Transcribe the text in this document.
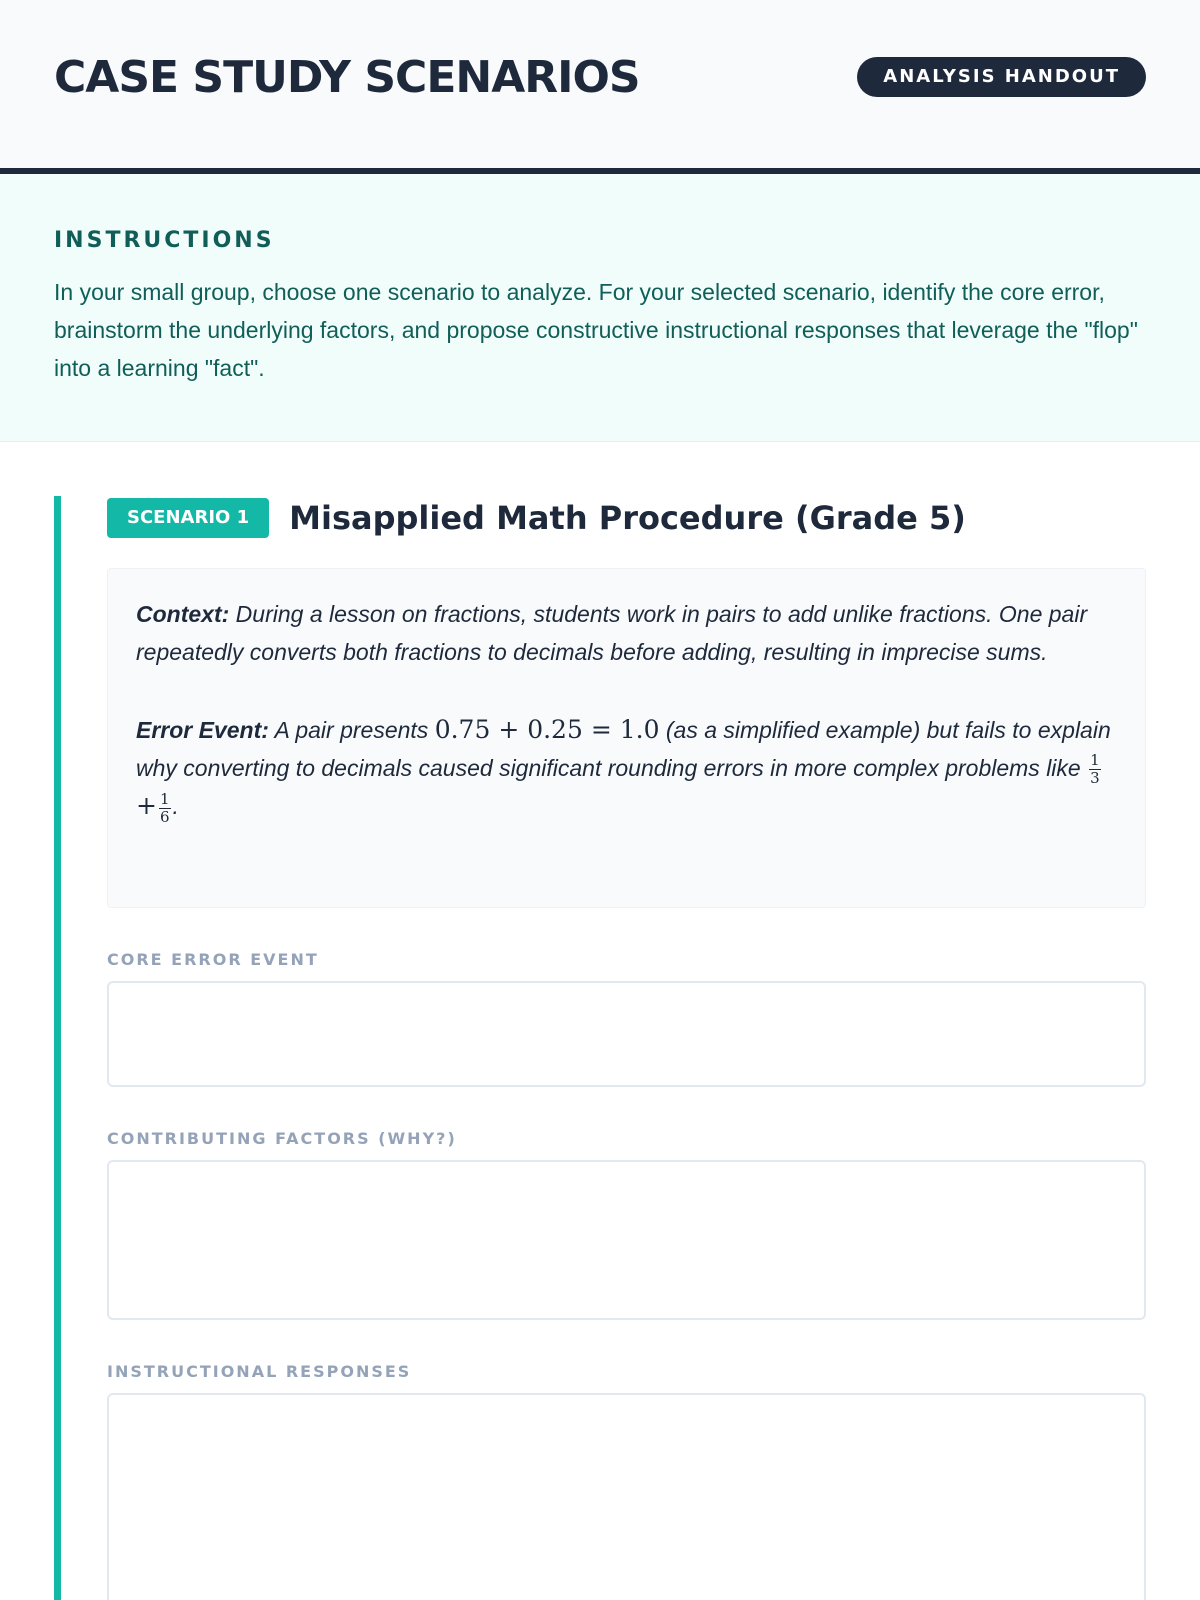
CASE STUDY SCENARIOS	ANALYSIS HANDOUT
INSTRUCTIONS
In your small group, choose one scenario to analyze. For your selected scenario, identify the core error, brainstorm the underlying factors, and propose constructive instructional responses that leverage the "flop" into a learning "fact".
SCENARIO 1	Misapplied Math Procedure (Grade 5)

Context: During a lesson on fractions, students work in pairs to add unlike fractions. One pair repeatedly converts both fractions to decimals before adding, resulting in imprecise sums.

Error Event: A pair presents 0.75 + 0.25 = 1.0 (as a simplified example) but fails to explain why converting to decimals caused significant rounding errors in more complex problems like $\frac{1}{3}$
+ $\frac{1}{6}$ .

CORE ERROR EVENT
CONTRIBUTING FACTORS (WHY?)
INSTRUCTIONAL RESPONSES
